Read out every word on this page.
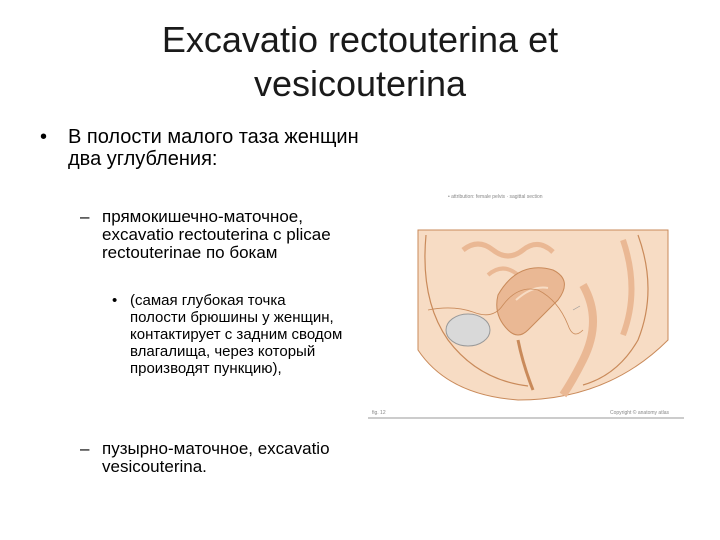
Excavatio rectouterina et
vesicouterina
• В полости малого таза женщин два углубления:
– прямокишечно-маточное, excavatio rectouterina с plicae rectouterinae по бокам
• (самая глубокая точка полости брюшины у женщин, контактирует с задним сводом влагалища, через который производят пункцию),
– пузырно-маточное, excavatio vesicouterina.
• attribution: female pelvis · sagittal section
fig. 12	Copyright © anatomy atlas
